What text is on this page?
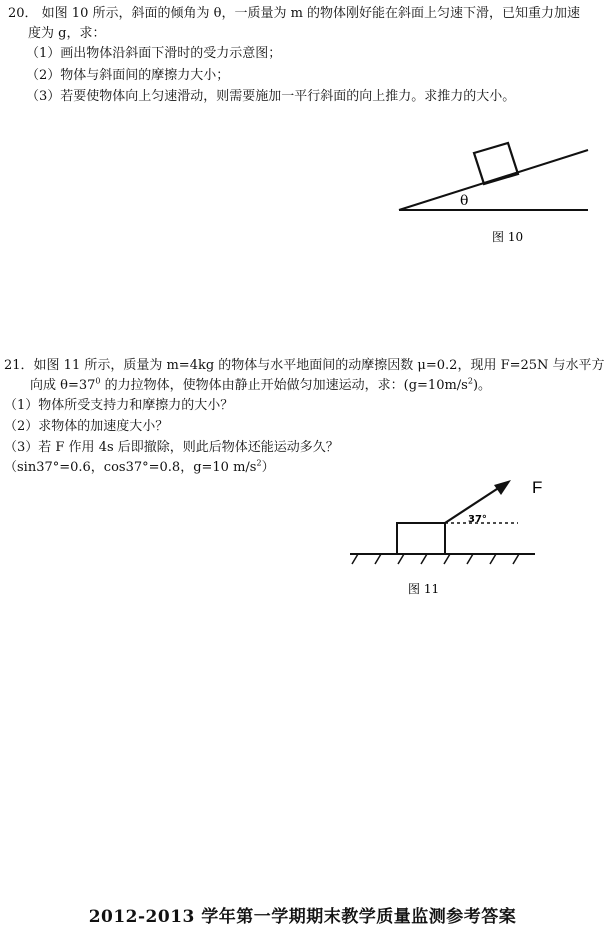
20． 如图 10 所示，斜面的倾角为 θ，一质量为 m 的物体刚好能在斜面上匀速下滑，已知重力加速
度为 g，求：
（1）画出物体沿斜面下滑时的受力示意图；
（2）物体与斜面间的摩擦力大小；
（3）若要使物体向上匀速滑动，则需要施加一平行斜面的向上推力。求推力的大小。
θ
图 10
21．如图 11 所示，质量为 m=4kg 的物体与水平地面间的动摩擦因数 μ=0.2，现用 F=25N 与水平方
向成 $\theta=37^0$ 的力拉物体，使物体由静止开始做匀加速运动，求：$(g=10m/s^2)$。
（1）物体所受支持力和摩擦力的大小？
（2）求物体的加速度大小？
（3）若 F 作用 4s 后即撤除，则此后物体还能运动多久？
（sin37°=0.6，cos37°=0.8，g=10 $m/s^2$）
F
37°
图 11
2012-2013 学年第一学期期末教学质量监测参考答案
